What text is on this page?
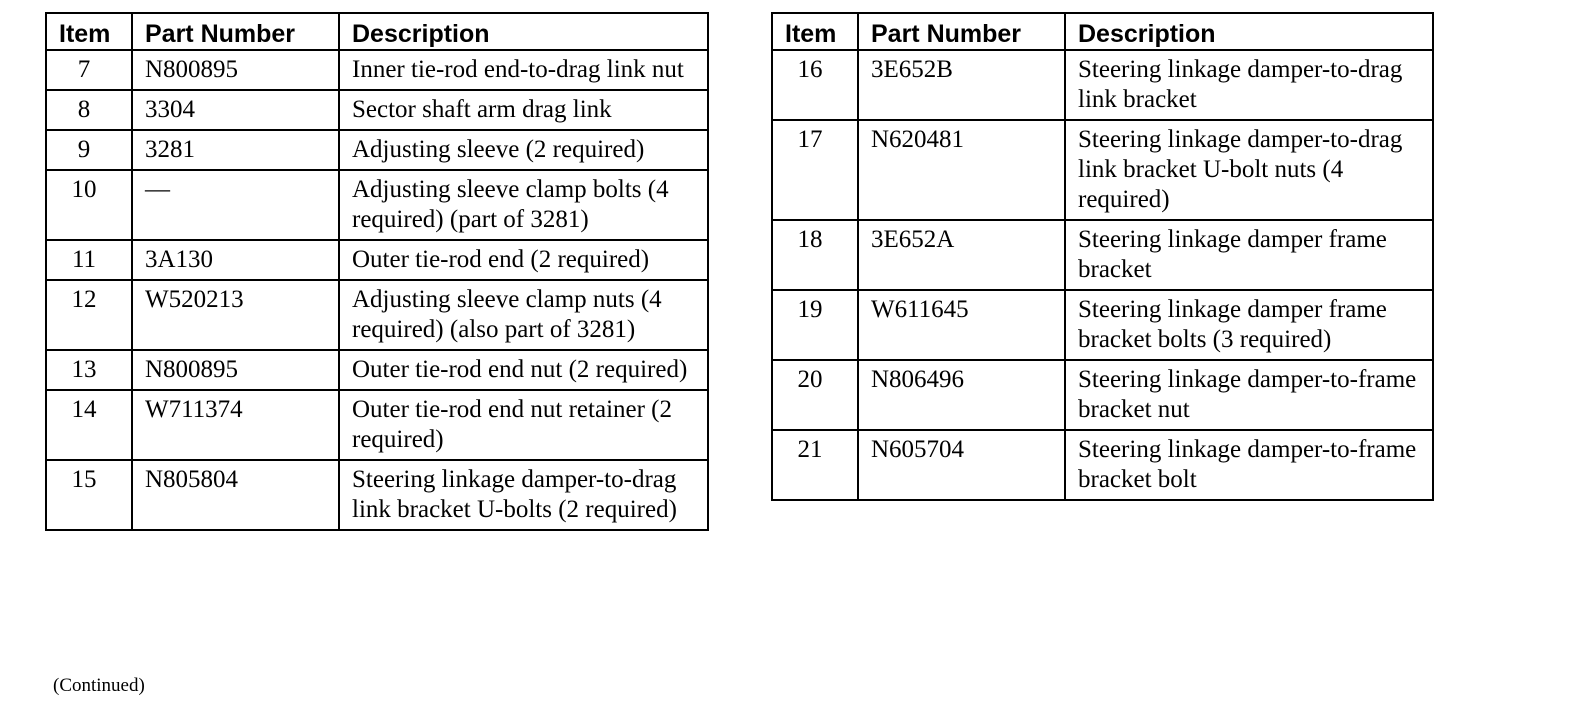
Item	Part Number	Description
7	N800895	Inner tie-rod end-to-drag link nut
8	3304	Sector shaft arm drag link
9	3281	Adjusting sleeve (2 required)
10	—	Adjusting sleeve clamp bolts (4 required) (part of 3281)
11	3A130	Outer tie-rod end (2 required)
12	W520213	Adjusting sleeve clamp nuts (4 required) (also part of 3281)
13	N800895	Outer tie-rod end nut (2 required)
14	W711374	Outer tie-rod end nut retainer (2 required)
15	N805804	Steering linkage damper-to-drag link bracket U-bolts (2 required)
Item	Part Number	Description
16	3E652B	Steering linkage damper-to-drag link bracket
17	N620481	Steering linkage damper-to-drag link bracket U-bolt nuts (4 required)
18	3E652A	Steering linkage damper frame bracket
19	W611645	Steering linkage damper frame bracket bolts (3 required)
20	N806496	Steering linkage damper-to-frame bracket nut
21	N605704	Steering linkage damper-to-frame bracket bolt
(Continued)
